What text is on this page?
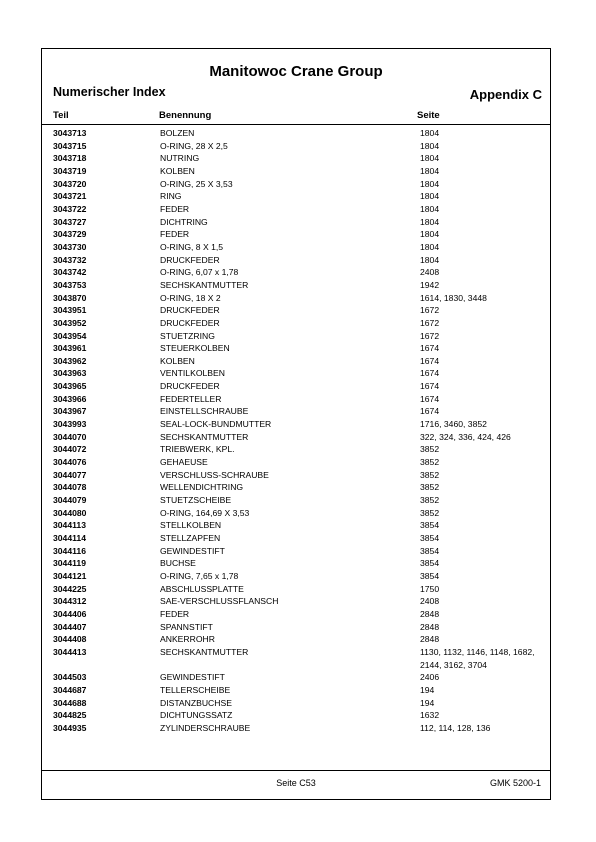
Manitowoc Crane Group
Numerischer Index	Appendix C
Teil	Benennung	Seite
3043713	BOLZEN	1804
3043715	O-RING, 28 X 2,5	1804
3043718	NUTRING	1804
3043719	KOLBEN	1804
3043720	O-RING, 25 X 3,53	1804
3043721	RING	1804
3043722	FEDER	1804
3043727	DICHTRING	1804
3043729	FEDER	1804
3043730	O-RING, 8 X 1,5	1804
3043732	DRUCKFEDER	1804
3043742	O-RING, 6,07 x 1,78	2408
3043753	SECHSKANTMUTTER	1942
3043870	O-RING, 18 X 2	1614, 1830, 3448
3043951	DRUCKFEDER	1672
3043952	DRUCKFEDER	1672
3043954	STUETZRING	1672
3043961	STEUERKOLBEN	1674
3043962	KOLBEN	1674
3043963	VENTILKOLBEN	1674
3043965	DRUCKFEDER	1674
3043966	FEDERTELLER	1674
3043967	EINSTELLSCHRAUBE	1674
3043993	SEAL-LOCK-BUNDMUTTER	1716, 3460, 3852
3044070	SECHSKANTMUTTER	322, 324, 336, 424, 426
3044072	TRIEBWERK, KPL.	3852
3044076	GEHAEUSE	3852
3044077	VERSCHLUSS-SCHRAUBE	3852
3044078	WELLENDICHTRING	3852
3044079	STUETZSCHEIBE	3852
3044080	O-RING, 164,69 X 3,53	3852
3044113	STELLKOLBEN	3854
3044114	STELLZAPFEN	3854
3044116	GEWINDESTIFT	3854
3044119	BUCHSE	3854
3044121	O-RING, 7,65 x 1,78	3854
3044225	ABSCHLUSSPLATTE	1750
3044312	SAE-VERSCHLUSSFLANSCH	2408
3044406	FEDER	2848
3044407	SPANNSTIFT	2848
3044408	ANKERROHR	2848
3044413	SECHSKANTMUTTER	1130, 1132, 1146, 1148, 1682, 2144, 3162, 3704
3044503	GEWINDESTIFT	2406
3044687	TELLERSCHEIBE	194
3044688	DISTANZBUCHSE	194
3044825	DICHTUNGSSATZ	1632
3044935	ZYLINDERSCHRAUBE	112, 114, 128, 136
Seite C53	GMK 5200-1
